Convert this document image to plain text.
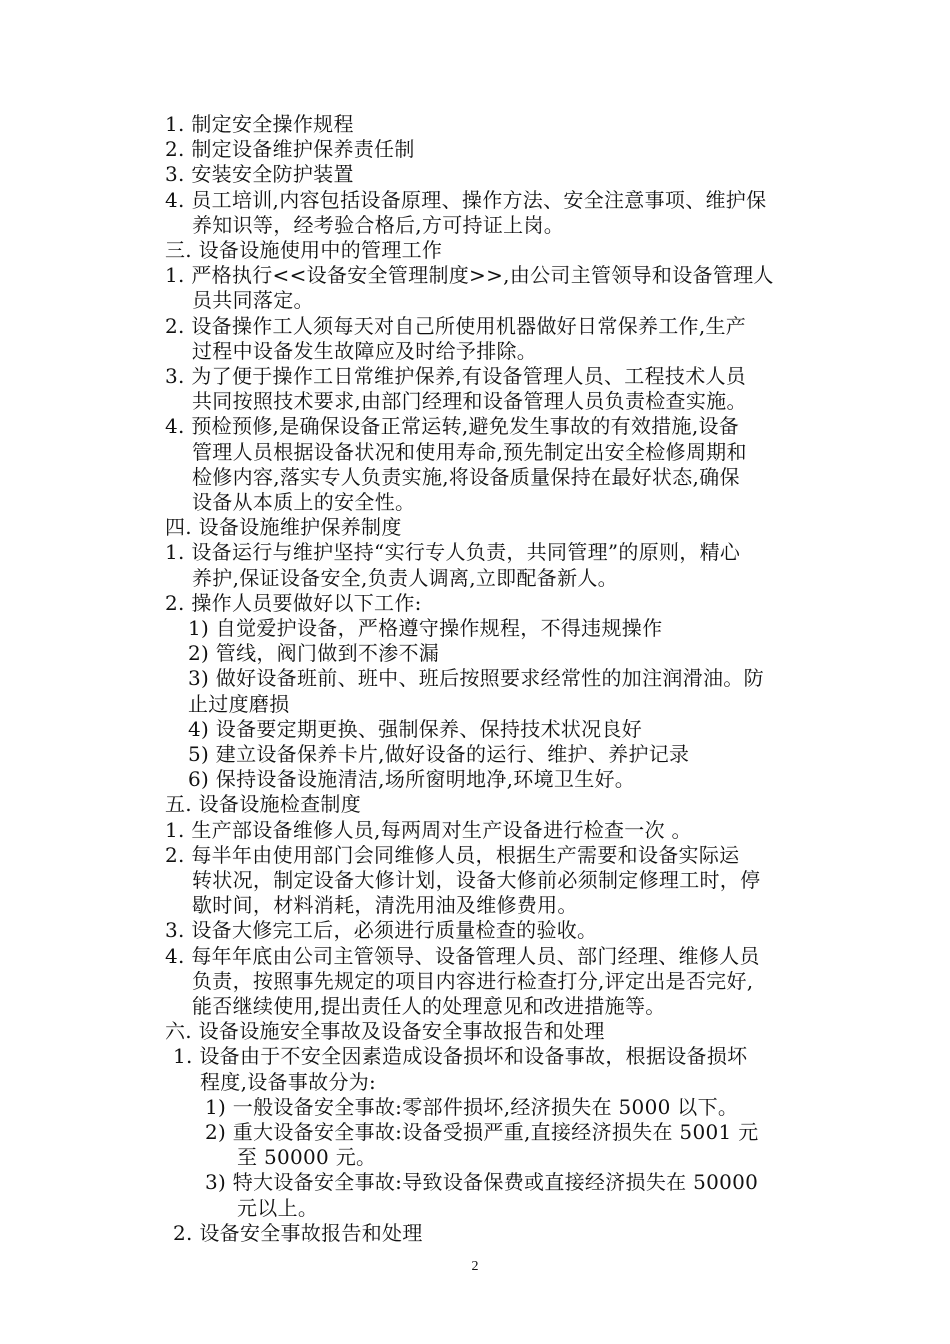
1. 制定安全操作规程
2. 制定设备维护保养责任制
3. 安装安全防护装置
4. 员工培训,内容包括设备原理、操作方法、安全注意事项、维护保
养知识等，经考验合格后,方可持证上岗。
三. 设备设施使用中的管理工作
1. 严格执行<<设备安全管理制度>>,由公司主管领导和设备管理人
员共同落定。
2. 设备操作工人须每天对自己所使用机器做好日常保养工作,生产
过程中设备发生故障应及时给予排除。
3. 为了便于操作工日常维护保养,有设备管理人员、工程技术人员
共同按照技术要求,由部门经理和设备管理人员负责检查实施。
4. 预检预修,是确保设备正常运转,避免发生事故的有效措施,设备
管理人员根据设备状况和使用寿命,预先制定出安全检修周期和
检修内容,落实专人负责实施,将设备质量保持在最好状态,确保
设备从本质上的安全性。
四. 设备设施维护保养制度
1. 设备运行与维护坚持“实行专人负责，共同管理”的原则，精心
养护,保证设备安全,负责人调离,立即配备新人。
2. 操作人员要做好以下工作:
1) 自觉爱护设备，严格遵守操作规程，不得违规操作
2) 管线，阀门做到不渗不漏
3) 做好设备班前、班中、班后按照要求经常性的加注润滑油。防
止过度磨损
4) 设备要定期更换、强制保养、保持技术状况良好
5) 建立设备保养卡片,做好设备的运行、维护、养护记录
6) 保持设备设施清洁,场所窗明地净,环境卫生好。
五. 设备设施检查制度
1. 生产部设备维修人员,每两周对生产设备进行检查一次 。
2. 每半年由使用部门会同维修人员，根据生产需要和设备实际运
转状况，制定设备大修计划，设备大修前必须制定修理工时，停
歇时间，材料消耗，清洗用油及维修费用。
3. 设备大修完工后，必须进行质量检查的验收。
4. 每年年底由公司主管领导、设备管理人员、部门经理、维修人员
负责，按照事先规定的项目内容进行检查打分,评定出是否完好,
能否继续使用,提出责任人的处理意见和改进措施等。
六. 设备设施安全事故及设备安全事故报告和处理
1. 设备由于不安全因素造成设备损坏和设备事故，根据设备损坏
程度,设备事故分为:
1) 一般设备安全事故:零部件损坏,经济损失在 5000 以下。
2) 重大设备安全事故:设备受损严重,直接经济损失在 5001 元
至 50000 元。
3) 特大设备安全事故:导致设备保费或直接经济损失在 50000
元以上。
2. 设备安全事故报告和处理
2
